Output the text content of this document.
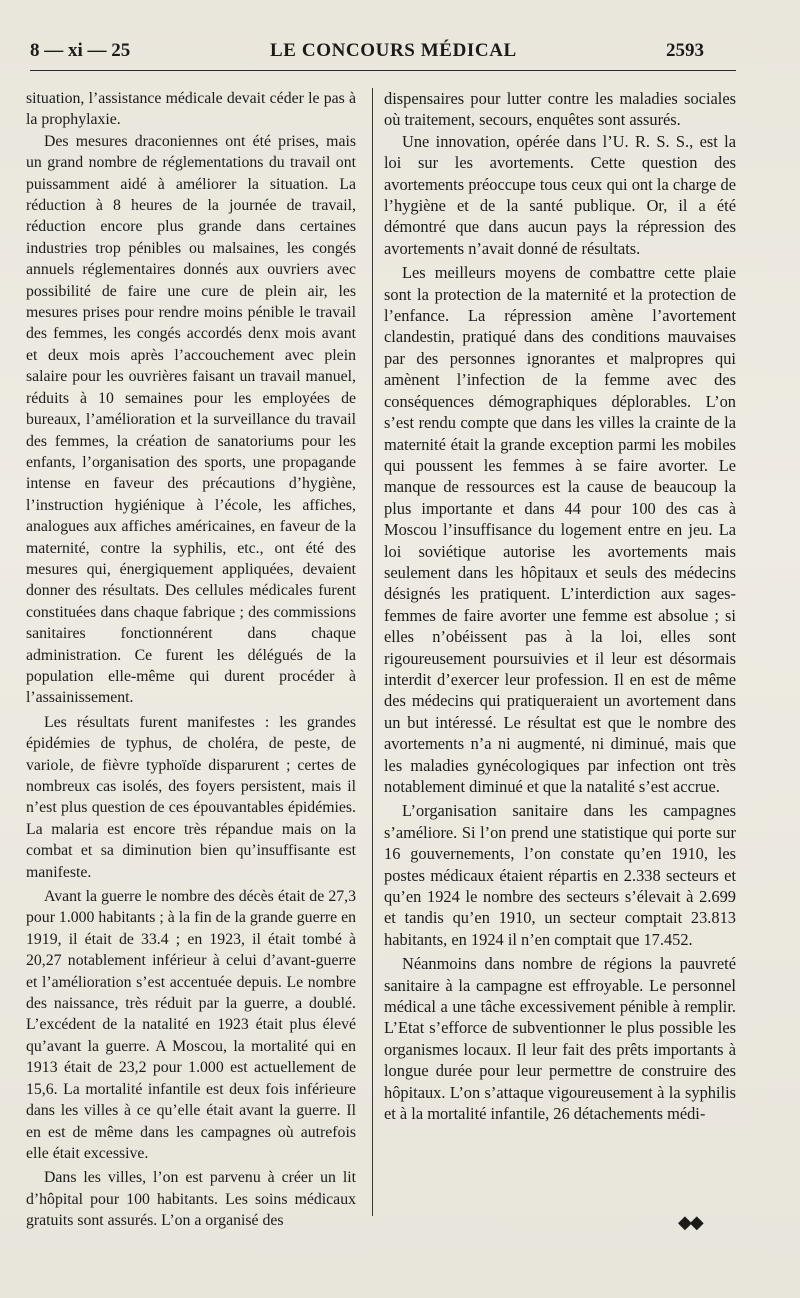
8 — xi — 25	LE CONCOURS MÉDICAL	2593

situation, l’assistance médicale devait céder le pas à la prophylaxie.

Des mesures draconiennes ont été prises, mais un grand nombre de réglementations du travail ont puissamment aidé à améliorer la situation. La réduction à 8 heures de la journée de travail, réduction encore plus grande dans certaines industries trop pénibles ou malsaines, les congés annuels réglementaires donnés aux ouvriers avec possibilité de faire une cure de plein air, les mesures prises pour rendre moins pénible le travail des femmes, les congés accordés denx mois avant et deux mois après l’accouchement avec plein salaire pour les ouvrières faisant un travail manuel, réduits à 10 semaines pour les employées de bureaux, l’amélioration et la surveillance du travail des femmes, la création de sanatoriums pour les enfants, l’organisation des sports, une propagande intense en faveur des précautions d’hygiène, l’instruction hygiénique à l’école, les affiches, analogues aux affiches américaines, en faveur de la maternité, contre la syphilis, etc., ont été des mesures qui, énergiquement appliquées, devaient donner des résultats. Des cellules médicales furent constituées dans chaque fabrique ; des commissions sanitaires fonctionnérent dans chaque administration. Ce furent les délégués de la population elle-même qui durent procéder à l’assainissement.

Les résultats furent manifestes : les grandes épidémies de typhus, de choléra, de peste, de variole, de fièvre typhoïde disparurent ; certes de nombreux cas isolés, des foyers persistent, mais il n’est plus question de ces épouvantables épidémies. La malaria est encore très répandue mais on la combat et sa diminution bien qu’insuffisante est manifeste.

Avant la guerre le nombre des décès était de 27,3 pour 1.000 habitants ; à la fin de la grande guerre en 1919, il était de 33.4 ; en 1923, il était tombé à 20,27 notablement inférieur à celui d’avant-guerre et l’amélioration s’est accentuée depuis. Le nombre des naissance, très réduit par la guerre, a doublé. L’excédent de la natalité en 1923 était plus élevé qu’avant la guerre. A Moscou, la mortalité qui en 1913 était de 23,2 pour 1.000 est actuellement de 15,6. La mortalité infantile est deux fois inférieure dans les villes à ce qu’elle était avant la guerre. Il en est de même dans les campagnes où autrefois elle était excessive.

Dans les villes, l’on est parvenu à créer un lit d’hôpital pour 100 habitants. Les soins médicaux gratuits sont assurés. L’on a organisé des

dispensaires pour lutter contre les maladies sociales où traitement, secours, enquêtes sont assurés.

Une innovation, opérée dans l’U. R. S. S., est la loi sur les avortements. Cette question des avortements préoccupe tous ceux qui ont la charge de l’hygiène et de la santé publique. Or, il a été démontré que dans aucun pays la répression des avortements n’avait donné de résultats.

Les meilleurs moyens de combattre cette plaie sont la protection de la maternité et la protection de l’enfance. La répression amène l’avortement clandestin, pratiqué dans des conditions mauvaises par des personnes ignorantes et malpropres qui amènent l’infection de la femme avec des conséquences démographiques déplorables. L’on s’est rendu compte que dans les villes la crainte de la maternité était la grande exception parmi les mobiles qui poussent les femmes à se faire avorter. Le manque de ressources est la cause de beaucoup la plus importante et dans 44 pour 100 des cas à Moscou l’insuffisance du logement entre en jeu. La loi soviétique autorise les avortements mais seulement dans les hôpitaux et seuls des médecins désignés les pratiquent. L’interdiction aux sages-femmes de faire avorter une femme est absolue ; si elles n’obéissent pas à la loi, elles sont rigoureusement poursuivies et il leur est désormais interdit d’exercer leur profession. Il en est de même des médecins qui pratiqueraient un avortement dans un but intéressé. Le résultat est que le nombre des avortements n’a ni augmenté, ni diminué, mais que les maladies gynécologiques par infection ont très notablement diminué et que la natalité s’est accrue.

L’organisation sanitaire dans les campagnes s’améliore. Si l’on prend une statistique qui porte sur 16 gouvernements, l’on constate qu’en 1910, les postes médicaux étaient répartis en 2.338 secteurs et qu’en 1924 le nombre des secteurs s’élevait à 2.699 et tandis qu’en 1910, un secteur comptait 23.813 habitants, en 1924 il n’en comptait que 17.452.

Néanmoins dans nombre de régions la pauvreté sanitaire à la campagne est effroyable. Le personnel médical a une tâche excessivement pénible à remplir. L’Etat s’efforce de subventionner le plus possible les organismes locaux. Il leur fait des prêts importants à longue durée pour leur permettre de construire des hôpitaux. L’on s’attaque vigoureusement à la syphilis et à la mortalité infantile, 26 détachements médi-

◆◆
